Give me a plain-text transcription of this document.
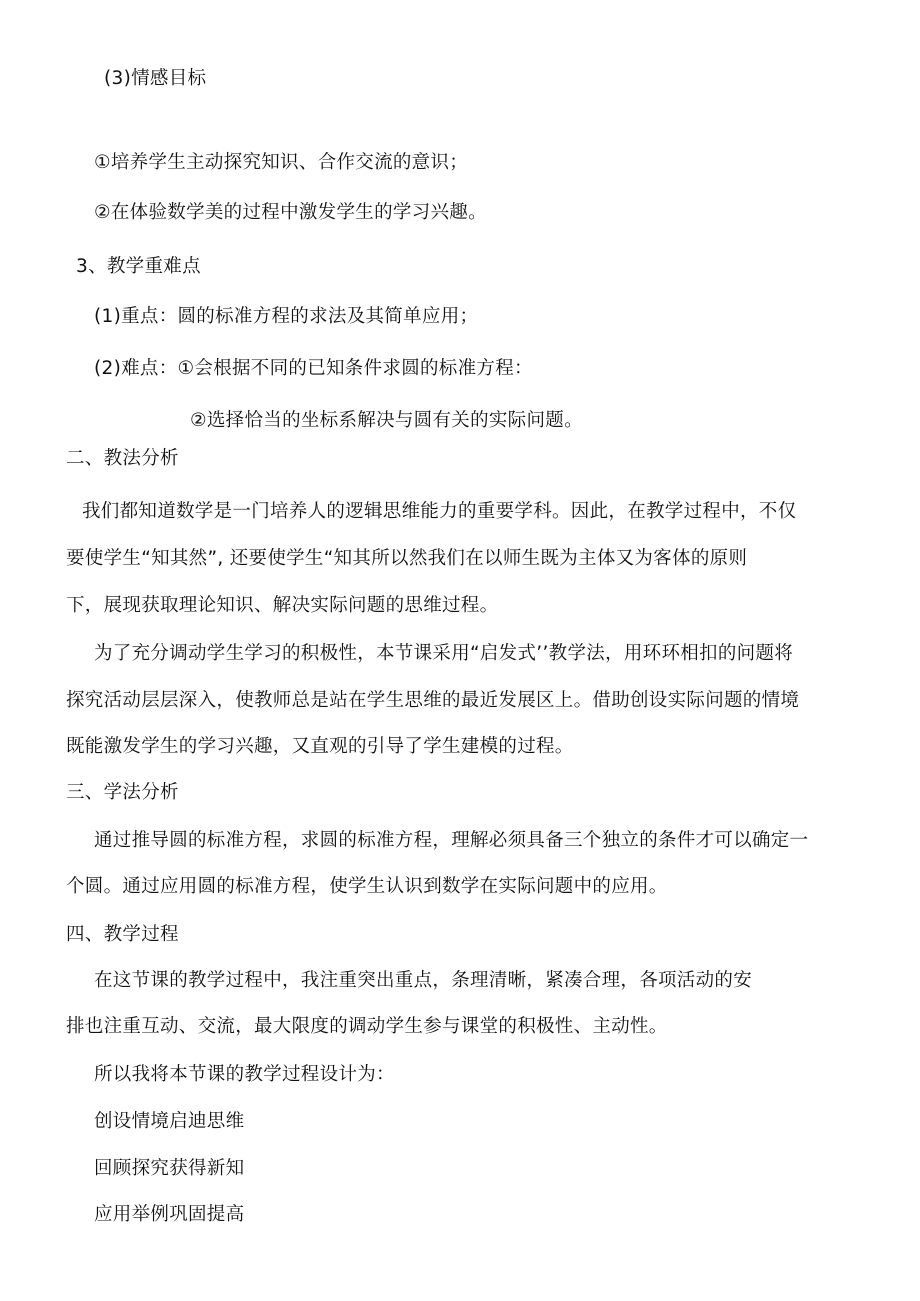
(3)情感目标
①培养学生主动探究知识、合作交流的意识；
②在体验数学美的过程中激发学生的学习兴趣。
3、教学重难点
(1)重点：圆的标准方程的求法及其简单应用；
(2)难点：①会根据不同的已知条件求圆的标准方程：
②选择恰当的坐标系解决与圆有关的实际问题。
二、教法分析
我们都知道数学是一门培养人的逻辑思维能力的重要学科。因此，在教学过程中，不仅
要使学生“知其然”, 还要使学生“知其所以然我们在以师生既为主体又为客体的原则
下，展现获取理论知识、解决实际问题的思维过程。
为了充分调动学生学习的积极性，本节课采用“启发式’’教学法，用环环相扣的问题将
探究活动层层深入，使教师总是站在学生思维的最近发展区上。借助创设实际问题的情境
既能激发学生的学习兴趣，又直观的引导了学生建模的过程。
三、学法分析
通过推导圆的标准方程，求圆的标准方程，理解必须具备三个独立的条件才可以确定一
个圆。通过应用圆的标准方程，使学生认识到数学在实际问题中的应用。
四、教学过程
在这节课的教学过程中，我注重突出重点，条理清晰，紧凑合理，各项活动的安
排也注重互动、交流，最大限度的调动学生参与课堂的积极性、主动性。
所以我将本节课的教学过程设计为：
创设情境启迪思维
回顾探究获得新知
应用举例巩固提高
